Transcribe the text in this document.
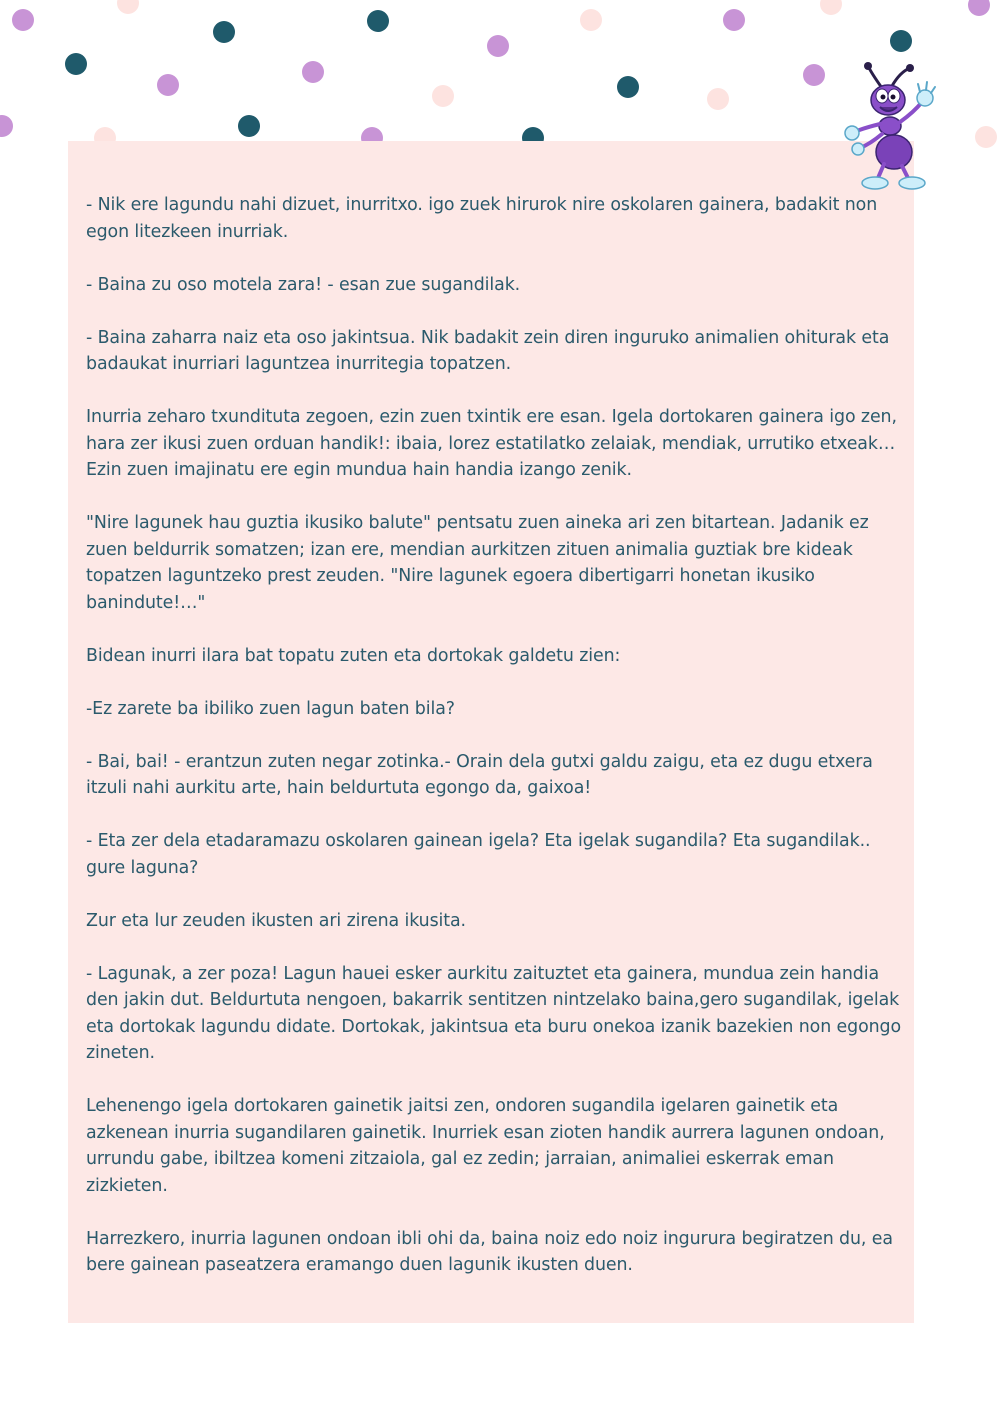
- Nik ere lagundu nahi dizuet, inurritxo. igo zuek hirurok nire oskolaren gainera, badakit non egon litezkeen inurriak.

- Baina zu oso motela zara! - esan zue sugandilak.

- Baina zaharra naiz eta oso jakintsua. Nik badakit zein diren inguruko animalien ohiturak eta badaukat inurriari laguntzea inurritegia topatzen.

Inurria zeharo txundituta zegoen, ezin zuen txintik ere esan. Igela dortokaren gainera igo zen, hara zer ikusi zuen orduan handik!: ibaia, lorez estatilatko zelaiak, mendiak, urrutiko etxeak… Ezin zuen imajinatu ere egin mundua hain handia izango zenik.

"Nire lagunek hau guztia ikusiko balute" pentsatu zuen aineka ari zen bitartean. Jadanik ez zuen beldurrik somatzen; izan ere, mendian aurkitzen zituen animalia guztiak bre kideak topatzen laguntzeko prest zeuden. "Nire lagunek egoera dibertigarri honetan ikusiko banindute!…"

Bidean inurri ilara bat topatu zuten eta dortokak galdetu zien:

-Ez zarete ba ibiliko zuen lagun baten bila?

- Bai, bai! - erantzun zuten negar zotinka.- Orain dela gutxi galdu zaigu, eta ez dugu etxera itzuli nahi aurkitu arte, hain beldurtuta egongo da, gaixoa!

- Eta zer dela etadaramazu oskolaren gainean igela? Eta igelak sugandila? Eta sugandilak.. gure laguna?

Zur eta lur zeuden ikusten ari zirena ikusita.

- Lagunak, a zer poza! Lagun hauei esker aurkitu zaituztet eta gainera, mundua zein handia den jakin dut. Beldurtuta nengoen, bakarrik sentitzen nintzelako baina,gero sugandilak, igelak eta dortokak lagundu didate. Dortokak, jakintsua eta buru onekoa izanik bazekien non egongo zineten.

Lehenengo igela dortokaren gainetik jaitsi zen, ondoren sugandila igelaren gainetik eta azkenean inurria sugandilaren gainetik. Inurriek esan zioten handik aurrera lagunen ondoan, urrundu gabe, ibiltzea komeni zitzaiola, gal ez zedin; jarraian, animaliei eskerrak eman zizkieten.

Harrezkero, inurria lagunen ondoan ibli ohi da, baina noiz edo noiz ingurura begiratzen du, ea bere gainean paseatzera eramango duen lagunik ikusten duen.
